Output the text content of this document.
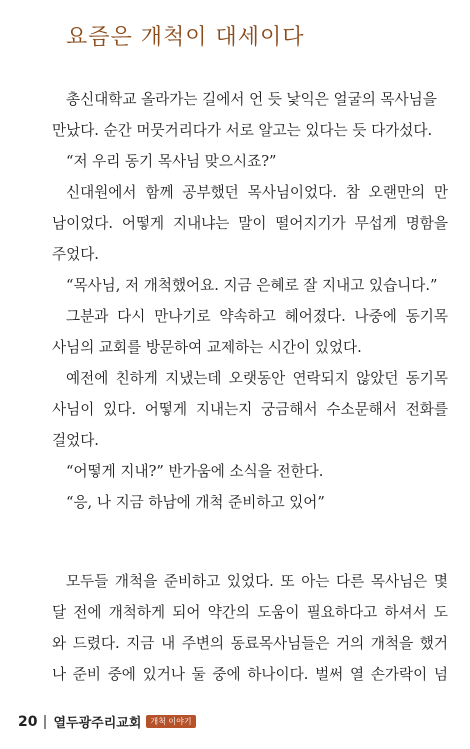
요즘은 개척이 대세이다
총신대학교 올라가는 길에서 언 듯 낯익은 얼굴의 목사님을
만났다. 순간 머뭇거리다가 서로 알고는 있다는 듯 다가섰다.
“저 우리 동기 목사님 맞으시죠?”
신대원에서 함께 공부했던 목사님이었다. 참 오랜만의 만
남이었다. 어떻게 지내냐는 말이 떨어지기가 무섭게 명함을
주었다.
“목사님, 저 개척했어요. 지금 은혜로 잘 지내고 있습니다.”
그분과 다시 만나기로 약속하고 헤어졌다. 나중에 동기목
사님의 교회를 방문하여 교제하는 시간이 있었다.
예전에 친하게 지냈는데 오랫동안 연락되지 않았던 동기목
사님이 있다. 어떻게 지내는지 궁금해서 수소문해서 전화를
걸었다.
“어떻게 지내?” 반가움에 소식을 전한다.
“응, 나 지금 하남에 개척 준비하고 있어”
모두들 개척을 준비하고 있었다. 또 아는 다른 목사님은 몇
달 전에 개척하게 되어 약간의 도움이 필요하다고 하셔서 도
와 드렸다. 지금 내 주변의 동료목사님들은 거의 개척을 했거
나 준비 중에 있거나 둘 중에 하나이다. 벌써 열 손가락이 넘
20 열두광주리교회	개척 이야기
